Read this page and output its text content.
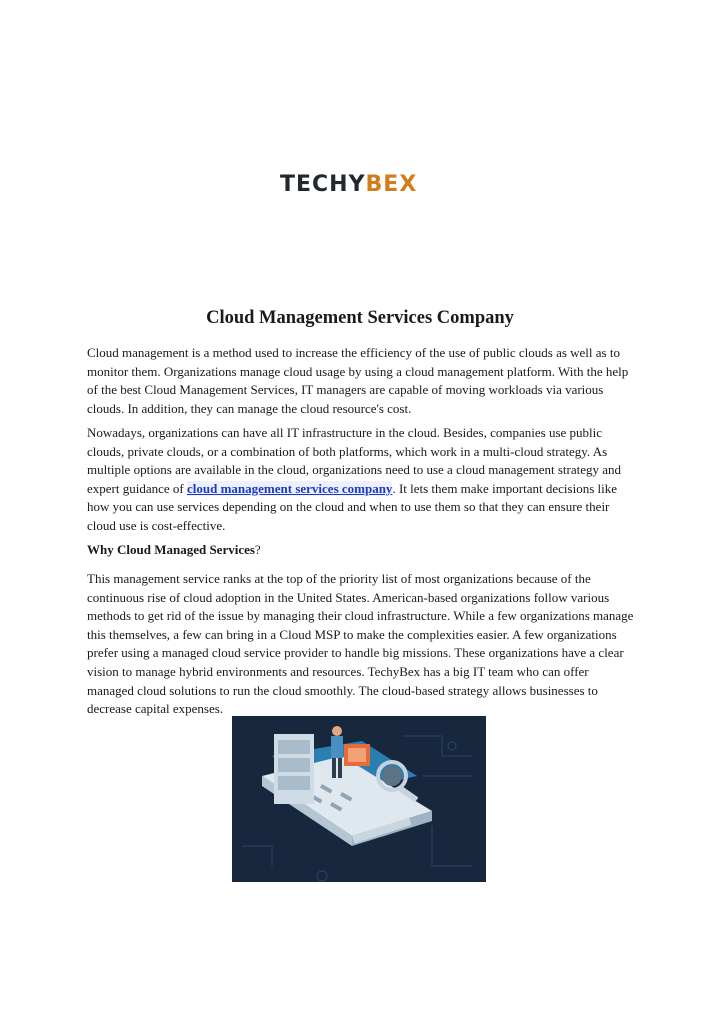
TECHYBEX
Cloud Management Services Company

Cloud management is a method used to increase the efficiency of the use of public clouds as well as to monitor them. Organizations manage cloud usage by using a cloud management platform. With the help of the best Cloud Management Services, IT managers are capable of moving workloads via various clouds. In addition, they can manage the cloud resource's cost.

Nowadays, organizations can have all IT infrastructure in the cloud. Besides, companies use public clouds, private clouds, or a combination of both platforms, which work in a multi-cloud strategy. As multiple options are available in the cloud, organizations need to use a cloud management strategy and expert guidance of cloud management services company. It lets them make important decisions like how you can use services depending on the cloud and when to use them so that they can ensure their cloud use is cost-effective.

Why Cloud Managed Services?

This management service ranks at the top of the priority list of most organizations because of the continuous rise of cloud adoption in the United States. American-based organizations follow various methods to get rid of the issue by managing their cloud infrastructure. While a few organizations manage this themselves, a few can bring in a Cloud MSP to make the complexities easier. A few organizations prefer using a managed cloud service provider to handle big missions. These organizations have a clear vision to manage hybrid environments and resources. TechyBex has a big IT team who can offer managed cloud solutions to run the cloud smoothly. The cloud-based strategy allows businesses to decrease capital expenses.
